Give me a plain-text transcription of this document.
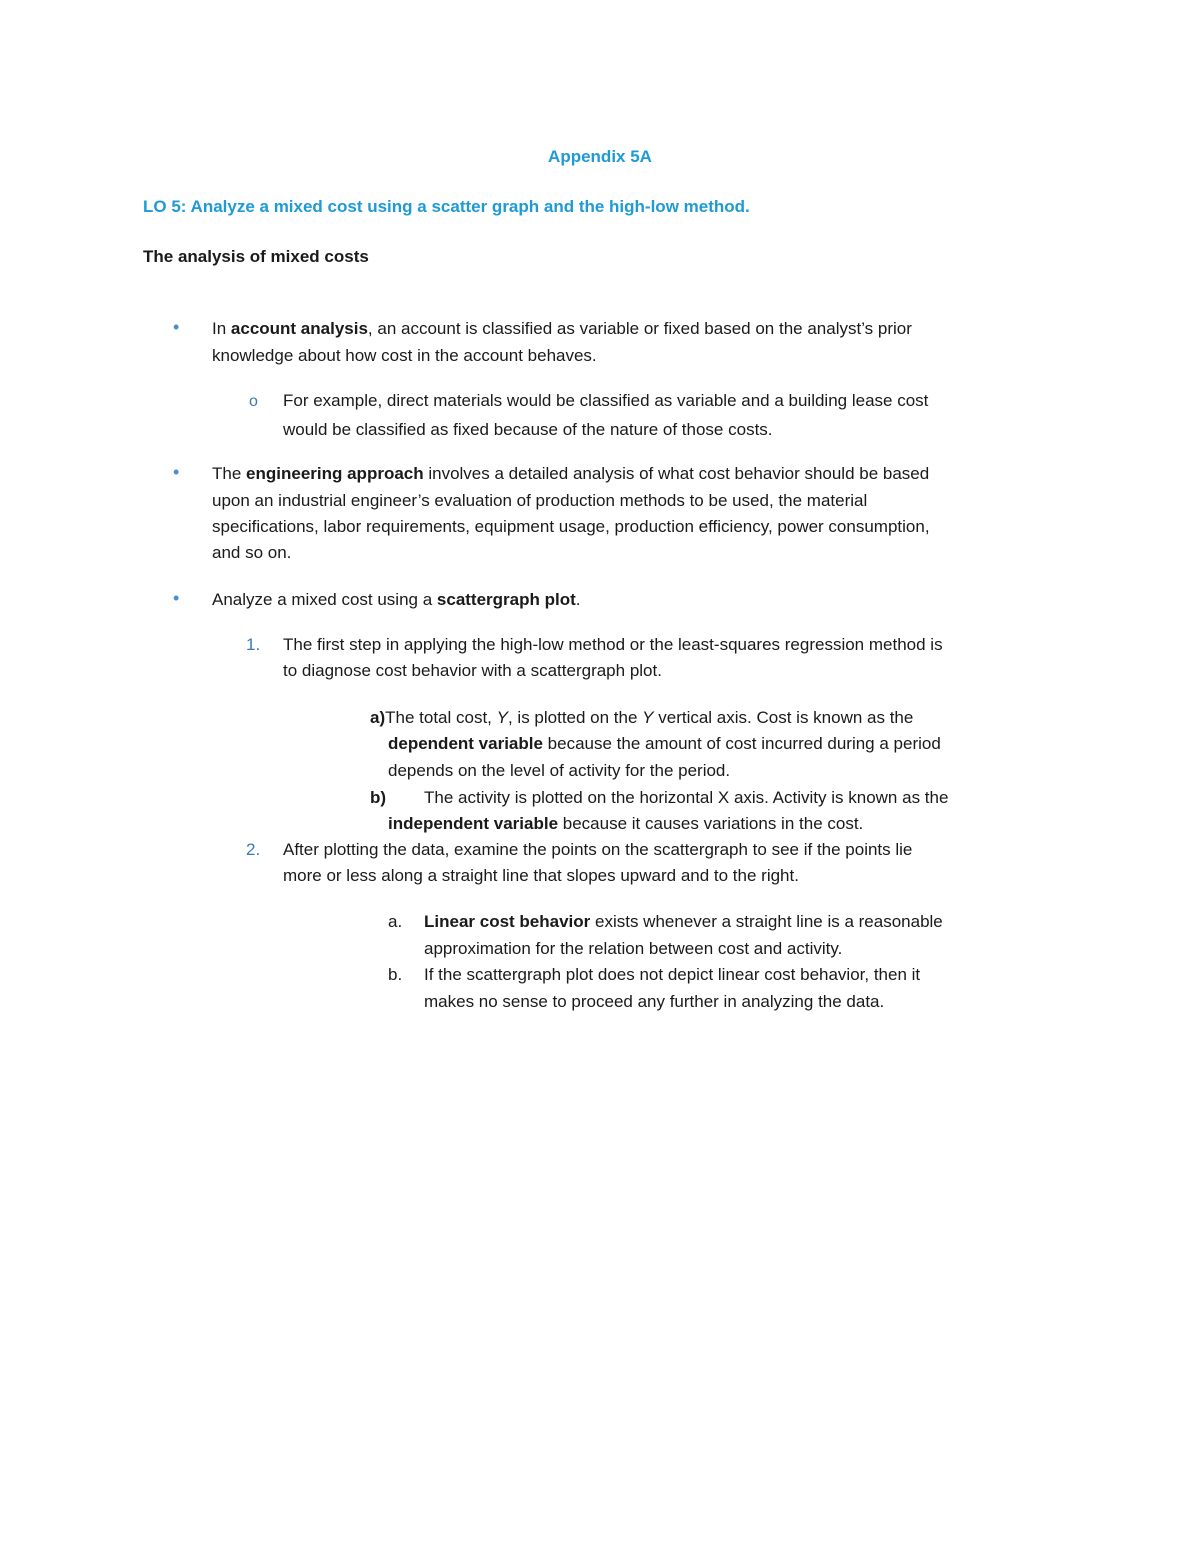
Appendix 5A
LO 5: Analyze a mixed cost using a scatter graph and the high-low method.
The analysis of mixed costs
• In account analysis, an account is classified as variable or fixed based on the analyst’s prior
knowledge about how cost in the account behaves.
o For example, direct materials would be classified as variable and a building lease cost
would be classified as fixed because of the nature of those costs.
• The engineering approach involves a detailed analysis of what cost behavior should be based
upon an industrial engineer’s evaluation of production methods to be used, the material
specifications, labor requirements, equipment usage, production efficiency, power consumption,
and so on.
• Analyze a mixed cost using a scattergraph plot.
1. The first step in applying the high-low method or the least-squares regression method is
to diagnose cost behavior with a scattergraph plot.
a)The total cost, Y, is plotted on the Y vertical axis. Cost is known as the
dependent variable because the amount of cost incurred during a period
depends on the level of activity for the period.
b) The activity is plotted on the horizontal X axis. Activity is known as the
independent variable because it causes variations in the cost.
2. After plotting the data, examine the points on the scattergraph to see if the points lie
more or less along a straight line that slopes upward and to the right.
a. Linear cost behavior exists whenever a straight line is a reasonable
approximation for the relation between cost and activity.
b. If the scattergraph plot does not depict linear cost behavior, then it
makes no sense to proceed any further in analyzing the data.
